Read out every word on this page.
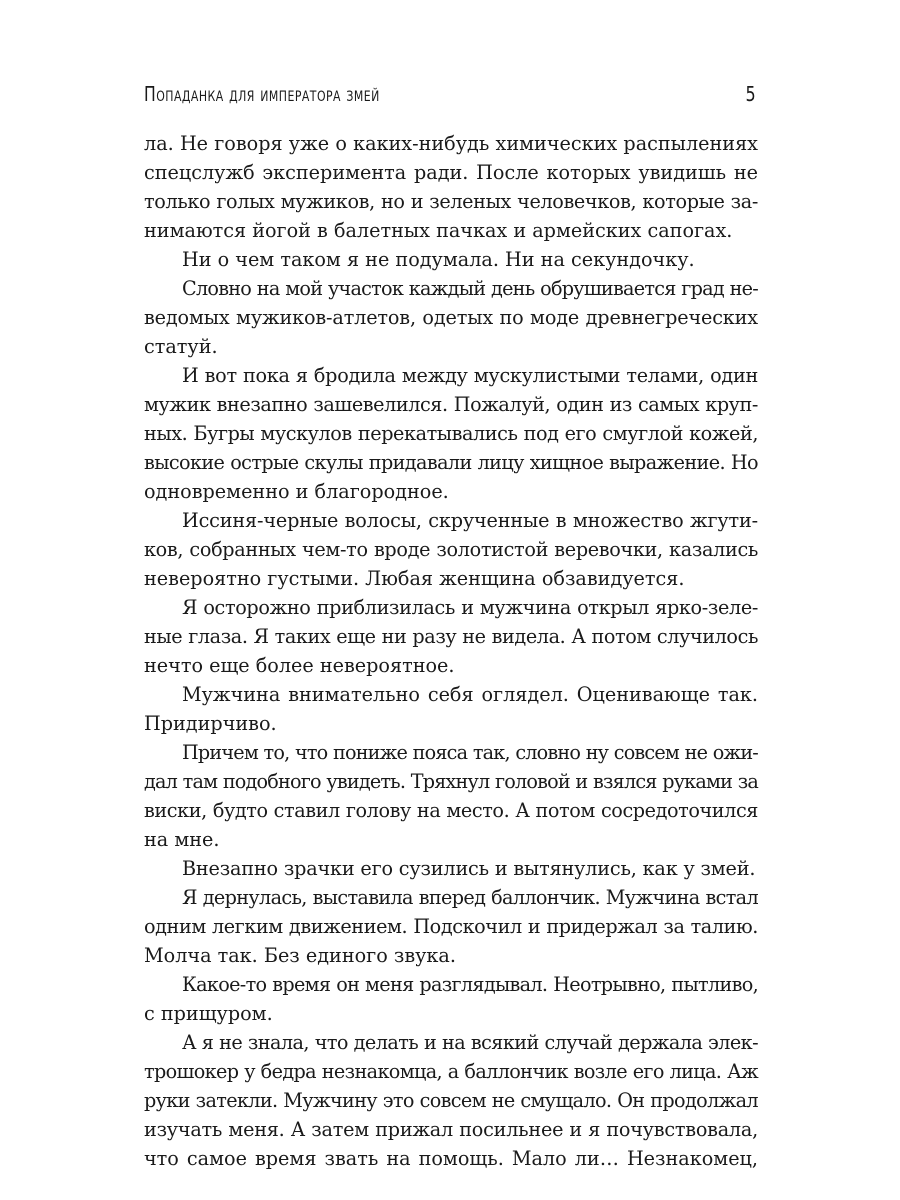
Попаданка для императора змей	5
ла. Не говоря уже о каких-нибудь химических распылениях
спецслужб эксперимента ради. После которых увидишь не
только голых мужиков, но и зеленых человечков, которые за-
нимаются йогой в балетных пачках и армейских сапогах.
Ни о чем таком я не подумала. Ни на секундочку.
Словно на мой участок каждый день обрушивается град не-
ведомых мужиков-атлетов, одетых по моде древнегреческих
статуй.
И вот пока я бродила между мускулистыми телами, один
мужик внезапно зашевелился. Пожалуй, один из самых круп-
ных. Бугры мускулов перекатывались под его смуглой кожей,
высокие острые скулы придавали лицу хищное выражение. Но
одновременно и благородное.
Иссиня-черные волосы, скрученные в множество жгути-
ков, собранных чем-то вроде золотистой веревочки, казались
невероятно густыми. Любая женщина обзавидуется.
Я осторожно приблизилась и мужчина открыл ярко-зеле-
ные глаза. Я таких еще ни разу не видела. А потом случилось
нечто еще более невероятное.
Мужчина внимательно себя оглядел. Оценивающе так.
Придирчиво.
Причем то, что пониже пояса так, словно ну совсем не ожи-
дал там подобного увидеть. Тряхнул головой и взялся руками за
виски, будто ставил голову на место. А потом сосредоточился
на мне.
Внезапно зрачки его сузились и вытянулись, как у змей.
Я дернулась, выставила вперед баллончик. Мужчина встал
одним легким движением. Подскочил и придержал за талию.
Молча так. Без единого звука.
Какое-то время он меня разглядывал. Неотрывно, пытливо,
с прищуром.
А я не знала, что делать и на всякий случай держала элек-
трошокер у бедра незнакомца, а баллончик возле его лица. Аж
руки затекли. Мужчину это совсем не смущало. Он продолжал
изучать меня. А затем прижал посильнее и я почувствовала,
что самое время звать на помощь. Мало ли… Незнакомец,
